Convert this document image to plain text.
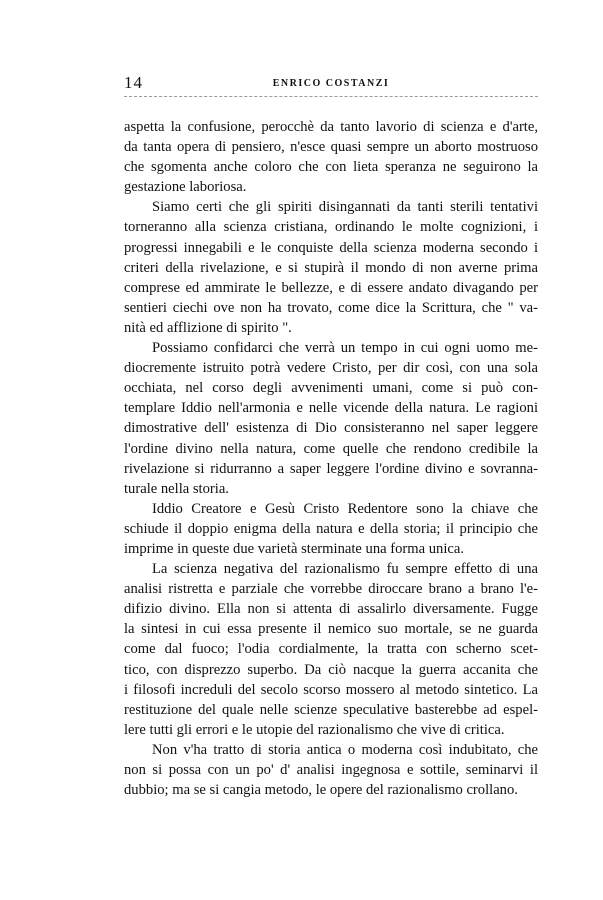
14	ENRICO COSTANZI
aspetta la confusione, perocchè da tanto lavorio di scienza e d'arte,
da tanta opera di pensiero, n'esce quasi sempre un aborto mostruoso
che sgomenta anche coloro che con lieta speranza ne seguirono la
gestazione laboriosa.
Siamo certi che gli spiriti disingannati da tanti sterili tentativi
torneranno alla scienza cristiana, ordinando le molte cognizioni, i
progressi innegabili e le conquiste della scienza moderna secondo i
criteri della rivelazione, e si stupirà il mondo di non averne prima
comprese ed ammirate le bellezze, e di essere andato divagando per
sentieri ciechi ove non ha trovato, come dice la Scrittura, che " va-
nità ed afflizione di spirito ".
Possiamo confidarci che verrà un tempo in cui ogni uomo me-
diocremente istruito potrà vedere Cristo, per dir così, con una sola
occhiata, nel corso degli avvenimenti umani, come si può con-
templare Iddio nell'armonia e nelle vicende della natura. Le ragioni
dimostrative dell' esistenza di Dio consisteranno nel saper leggere
l'ordine divino nella natura, come quelle che rendono credibile la
rivelazione si ridurranno a saper leggere l'ordine divino e sovranna-
turale nella storia.
Iddio Creatore e Gesù Cristo Redentore sono la chiave che
schiude il doppio enigma della natura e della storia; il principio che
imprime in queste due varietà sterminate una forma unica.
La scienza negativa del razionalismo fu sempre effetto di una
analisi ristretta e parziale che vorrebbe diroccare brano a brano l'e-
difizio divino. Ella non si attenta di assalirlo diversamente. Fugge
la sintesi in cui essa presente il nemico suo mortale, se ne guarda
come dal fuoco; l'odia cordialmente, la tratta con scherno scet-
tico, con disprezzo superbo. Da ciò nacque la guerra accanita che
i filosofi increduli del secolo scorso mossero al metodo sintetico. La
restituzione del quale nelle scienze speculative basterebbe ad espel-
lere tutti gli errori e le utopie del razionalismo che vive di critica.
Non v'ha tratto di storia antica o moderna così indubitato, che
non si possa con un po' d' analisi ingegnosa e sottile, seminarvi il
dubbio; ma se si cangia metodo, le opere del razionalismo crollano.
